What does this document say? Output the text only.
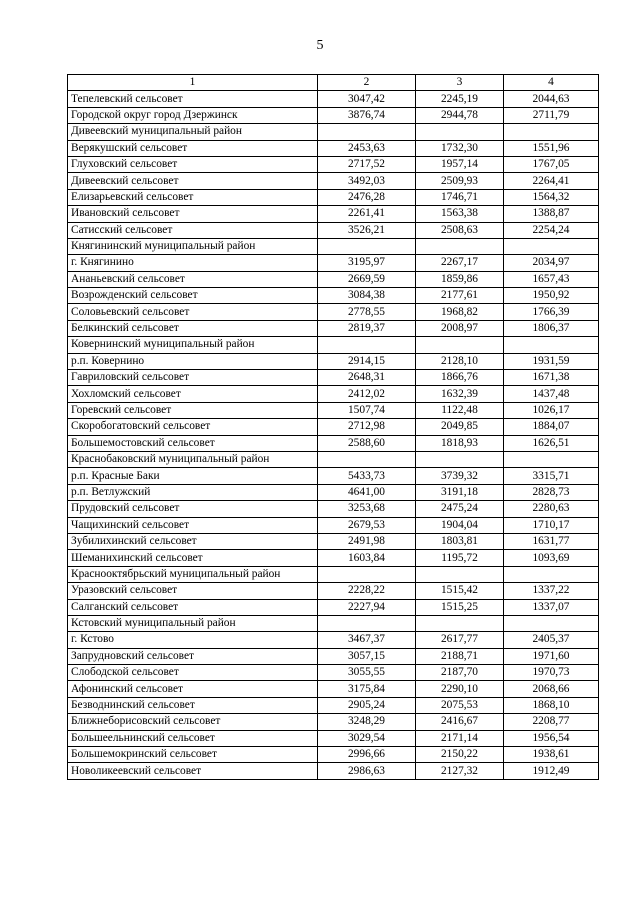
5
1	2	3	4
Тепелевский сельсовет	3047,42	2245,19	2044,63
Городской округ город Дзержинск	3876,74	2944,78	2711,79
Дивеевский муниципальный район			
Верякушский сельсовет	2453,63	1732,30	1551,96
Глуховский сельсовет	2717,52	1957,14	1767,05
Дивеевский сельсовет	3492,03	2509,93	2264,41
Елизарьевский сельсовет	2476,28	1746,71	1564,32
Ивановский сельсовет	2261,41	1563,38	1388,87
Сатисский сельсовет	3526,21	2508,63	2254,24
Княгининский муниципальный район			
г. Княгинино	3195,97	2267,17	2034,97
Ананьевский сельсовет	2669,59	1859,86	1657,43
Возрожденский сельсовет	3084,38	2177,61	1950,92
Соловьевский сельсовет	2778,55	1968,82	1766,39
Белкинский сельсовет	2819,37	2008,97	1806,37
Ковернинский муниципальный район			
р.п. Ковернино	2914,15	2128,10	1931,59
Гавриловский сельсовет	2648,31	1866,76	1671,38
Хохломский сельсовет	2412,02	1632,39	1437,48
Горевский сельсовет	1507,74	1122,48	1026,17
Скоробогатовский сельсовет	2712,98	2049,85	1884,07
Большемостовский сельсовет	2588,60	1818,93	1626,51
Краснобаковский муниципальный район			
р.п. Красные Баки	5433,73	3739,32	3315,71
р.п. Ветлужский	4641,00	3191,18	2828,73
Прудовский сельсовет	3253,68	2475,24	2280,63
Чащихинский сельсовет	2679,53	1904,04	1710,17
Зубилихинский сельсовет	2491,98	1803,81	1631,77
Шеманихинский сельсовет	1603,84	1195,72	1093,69
Краснооктябрьский муниципальный район			
Уразовский сельсовет	2228,22	1515,42	1337,22
Салганский сельсовет	2227,94	1515,25	1337,07
Кстовский муниципальный район			
г. Кстово	3467,37	2617,77	2405,37
Запрудновский сельсовет	3057,15	2188,71	1971,60
Слободской сельсовет	3055,55	2187,70	1970,73
Афонинский сельсовет	3175,84	2290,10	2068,66
Безводнинский сельсовет	2905,24	2075,53	1868,10
Ближнеборисовский сельсовет	3248,29	2416,67	2208,77
Большеельнинский сельсовет	3029,54	2171,14	1956,54
Большемокринский сельсовет	2996,66	2150,22	1938,61
Новоликеевский сельсовет	2986,63	2127,32	1912,49
